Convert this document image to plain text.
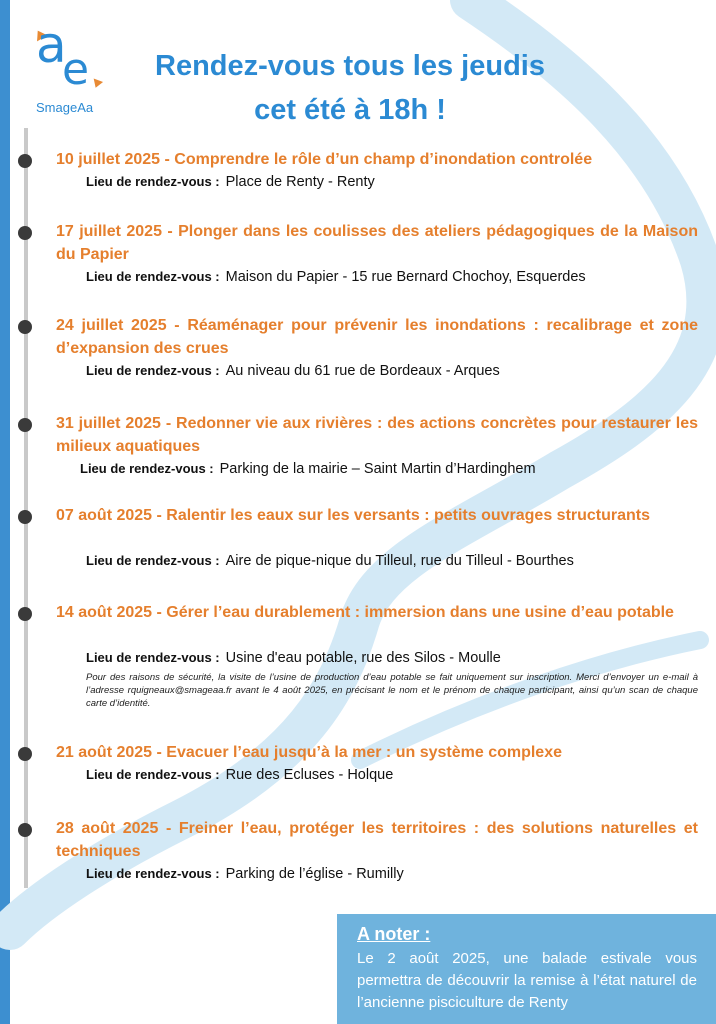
a
e
SmageAa
Rendez-vous tous les jeudis
cet été à 18h !
10 juillet 2025 - Comprendre le rôle d’un champ d’inondation controlée
Lieu de rendez-vous : Place de Renty - Renty
17 juillet 2025 - Plonger dans les coulisses des ateliers pédagogiques de la Maison du Papier
Lieu de rendez-vous : Maison du Papier - 15 rue Bernard Chochoy, Esquerdes
24 juillet 2025 - Réaménager pour prévenir les inondations : recalibrage et zone d’expansion des crues
Lieu de rendez-vous : Au niveau du 61 rue de Bordeaux - Arques
31 juillet 2025 - Redonner vie aux rivières : des actions concrètes pour restaurer les milieux aquatiques
Lieu de rendez-vous : Parking de la mairie – Saint Martin d’Hardinghem
07 août 2025 - Ralentir les eaux sur les versants : petits ouvrages structurants
Lieu de rendez-vous : Aire de pique-nique du Tilleul, rue du Tilleul - Bourthes
14 août 2025 - Gérer l’eau durablement : immersion dans une usine d’eau potable
Lieu de rendez-vous : Usine d'eau potable, rue des Silos - Moulle
Pour des raisons de sécurité, la visite de l’usine de production d’eau potable se fait uniquement sur inscription. Merci d’envoyer un e-mail à l’adresse rquigneaux@smageaa.fr avant le 4 août 2025, en précisant le nom et le prénom de chaque participant, ainsi qu’un scan de chaque carte d’identité.
21 août 2025 - Evacuer l’eau jusqu’à la mer : un système complexe
Lieu de rendez-vous : Rue des Ecluses - Holque
28 août 2025 - Freiner l’eau, protéger les territoires : des solutions naturelles et techniques
Lieu de rendez-vous : Parking de l’église - Rumilly
A noter :
Le 2 août 2025, une balade estivale vous permettra de découvrir la remise à l’état naturel de l’ancienne pisciculture de Renty
